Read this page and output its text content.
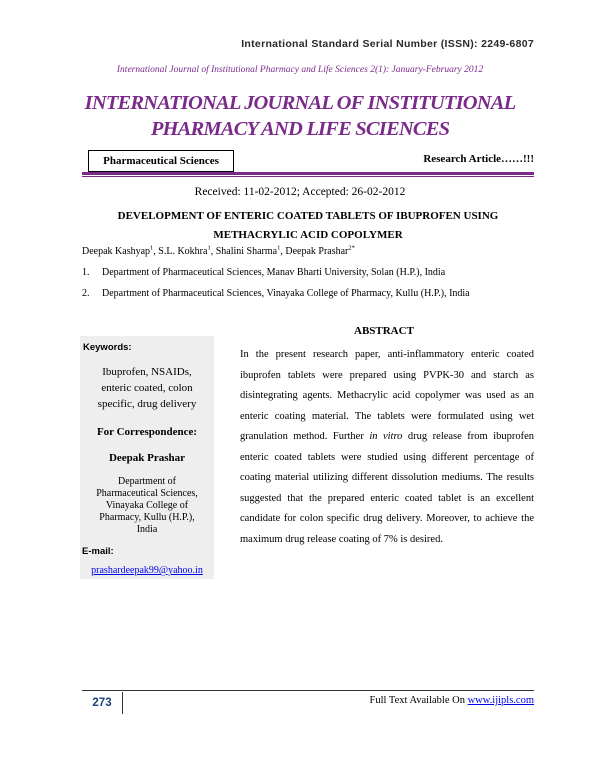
International Standard Serial Number (ISSN): 2249-6807
International Journal of Institutional Pharmacy and Life Sciences 2(1): January-February 2012
INTERNATIONAL JOURNAL OF INSTITUTIONAL
PHARMACY AND LIFE SCIENCES
Pharmaceutical Sciences	Research Article……!!!
Received: 11-02-2012; Accepted: 26-02-2012
DEVELOPMENT OF ENTERIC COATED TABLETS OF IBUPROFEN USING
METHACRYLIC ACID COPOLYMER
Deepak Kashyap$^1$, S.L. Kokhra$^1$, Shalini Sharma$^1$, Deepak Prashar$^{2*}$
1. Department of Pharmaceutical Sciences, Manav Bharti University, Solan (H.P.), India
2. Department of Pharmaceutical Sciences, Vinayaka College of Pharmacy, Kullu (H.P.), India
ABSTRACT
Keywords:
Ibuprofen, NSAIDs,
enteric coated, colon
specific, drug delivery
For Correspondence:
Deepak Prashar
Department of
Pharmaceutical Sciences,
Vinayaka College of
Pharmacy, Kullu (H.P.),
India
E-mail:
prashardeepak99@yahoo.in
In the present research paper, anti-inflammatory enteric coated ibuprofen tablets were prepared using PVPK-30 and starch as disintegrating agents. Methacrylic acid copolymer was used as an enteric coating material. The tablets were formulated using wet granulation method. Further in vitro drug release from ibuprofen enteric coated tablets were studied using different percentage of coating material utilizing different dissolution mediums. The results suggested that the prepared enteric coated tablet is an excellent candidate for colon specific drug delivery. Moreover, to achieve the maximum drug release coating of 7% is desired.
273	Full Text Available On www.ijipls.com
